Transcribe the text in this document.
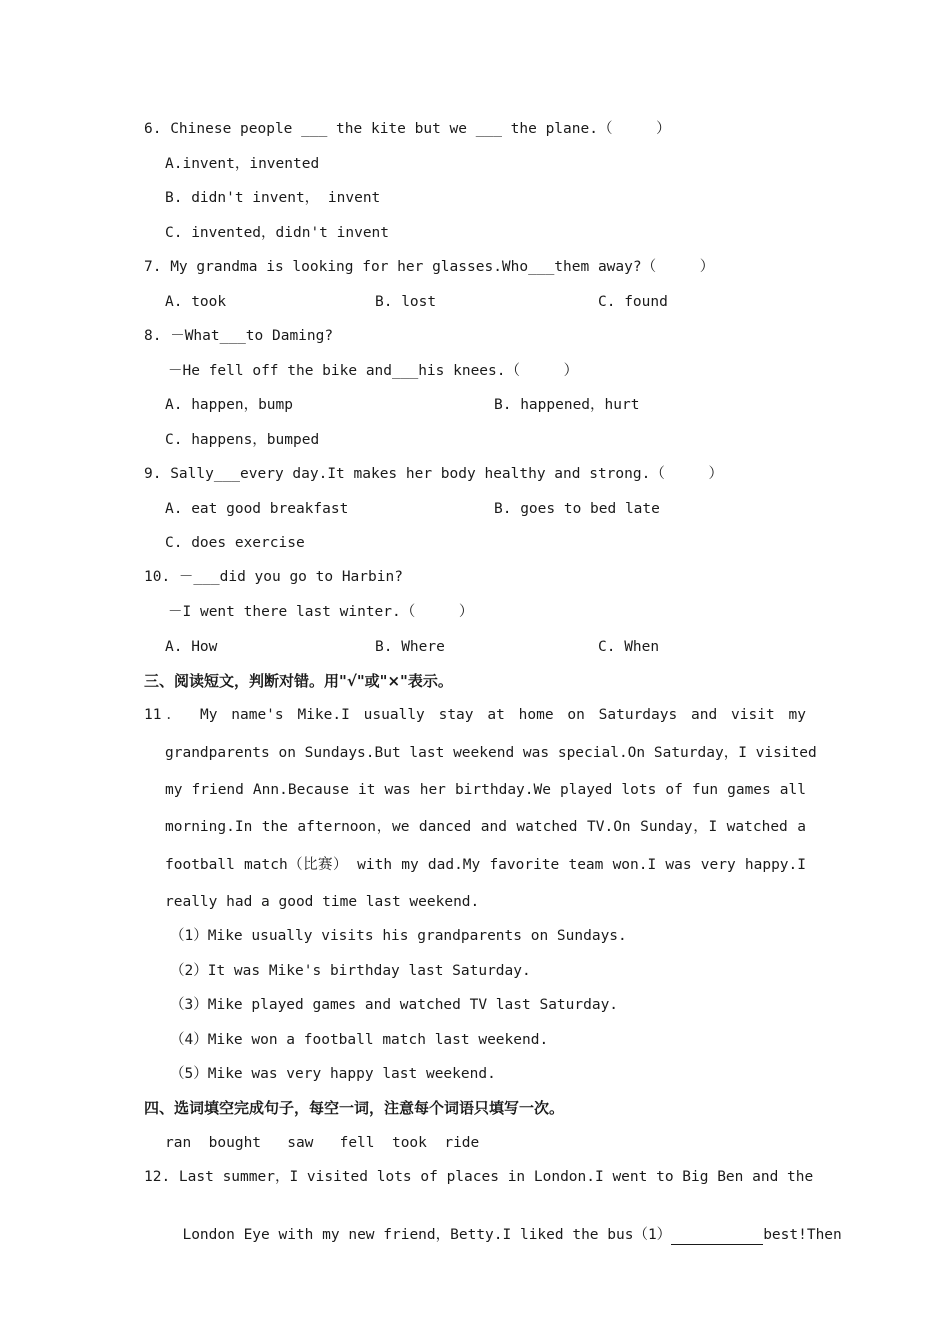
6. Chinese people ___ the kite but we ___ the plane.（     ）
A.invent，invented
B. didn't invent， invent
C. invented，didn't invent
7. My grandma is looking for her glasses.Who___them away?（     ）
A. took	B. lost	C. found
8. －What___to Daming?
－He fell off the bike and___his knees.（     ）
A. happen，bump	B. happened，hurt
C. happens，bumped
9. Sally___every day.It makes her body healthy and strong.（     ）
A. eat good breakfast	B. goes to bed late
C. does exercise
10. －___did you go to Harbin?
－I went there last winter.（     ）
A. How	B. Where	C. When
三、阅读短文，判断对错。用"√"或"×"表示。
11． My name's Mike.I usually stay at home on Saturdays and visit my
grandparents on Sundays.But last weekend was special.On Saturday，I visited
my friend Ann.Because it was her birthday.We played lots of fun games all
morning.In the afternoon，we danced and watched TV.On Sunday，I watched a
football match（比赛） with my dad.My favorite team won.I was very happy.I
really had a good time last weekend.
（1）Mike usually visits his grandparents on Sundays.
（2）It was Mike's birthday last Saturday.
（3）Mike played games and watched TV last Saturday.
（4）Mike won a football match last weekend.
（5）Mike was very happy last weekend.
四、选词填空完成句子，每空一词，注意每个词语只填写一次。
ran  bought   saw   fell  took  ride
12. Last summer，I visited lots of places in London.I went to Big Ben and the

London Eye with my new friend，Betty.I liked the bus（1）	best!Then
